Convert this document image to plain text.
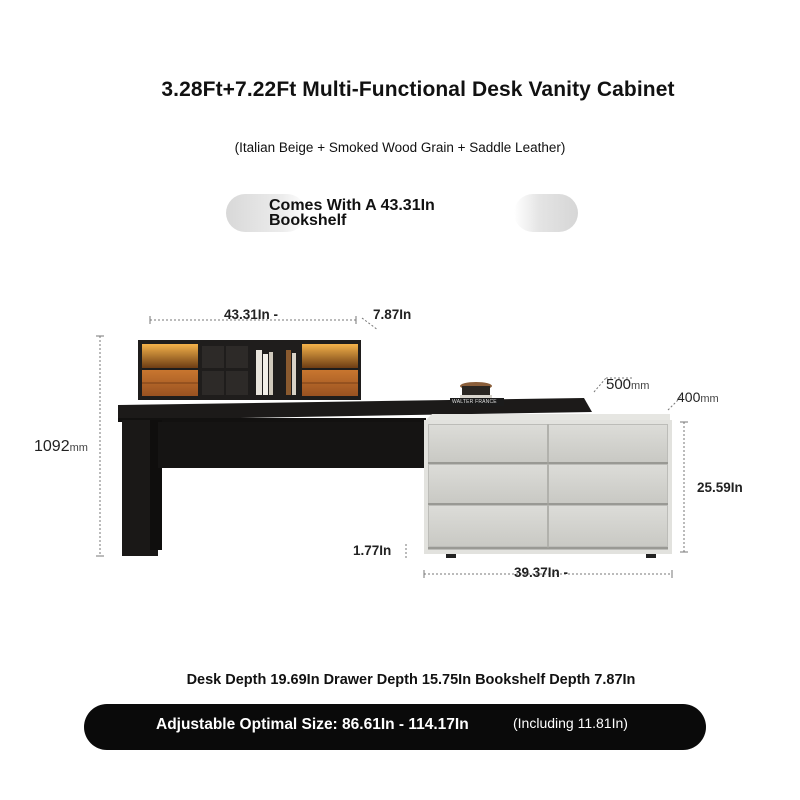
3.28Ft+7.22Ft Multi-Functional Desk Vanity Cabinet
(Italian Beige + Smoked Wood Grain + Saddle Leather)
Comes With A 43.31In
Bookshelf
WALTER FRANCE
43.31In -	7.87In
1092mm
500mm
400mm
25.59In
1.77In
39.37In -
Desk Depth 19.69In Drawer Depth 15.75In Bookshelf Depth 7.87In
Adjustable Optimal Size: 86.61In - 114.17In	(Including 11.81In)
